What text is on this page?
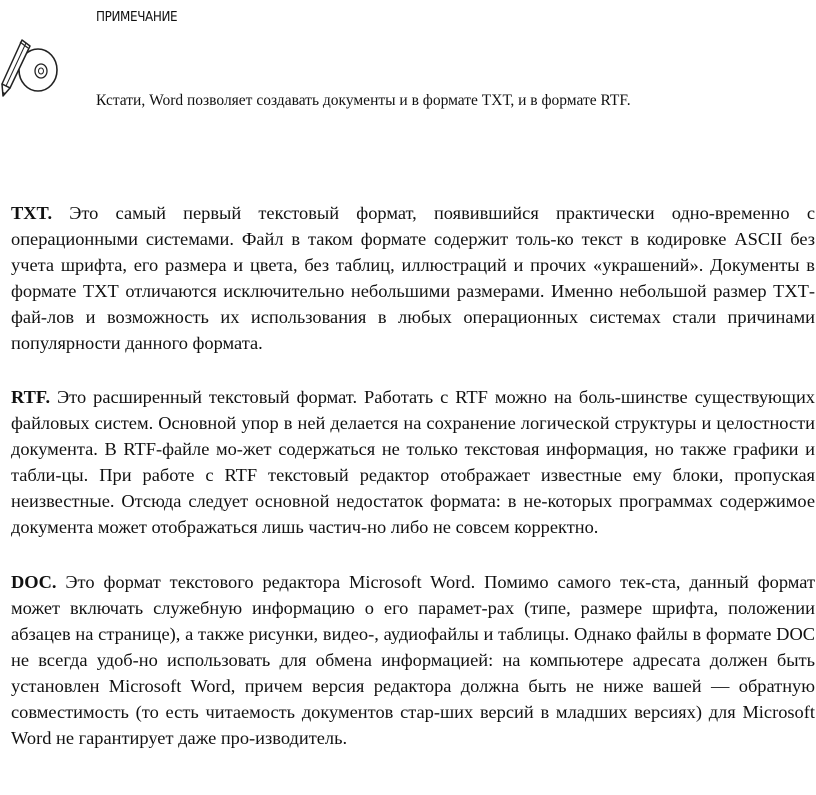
ПРИМЕЧАНИЕ
Кстати, Word позволяет создавать документы и в формате ТХТ, и в формате RTF.

TXT. Это самый первый текстовый формат, появившийся практически одно-временно с операционными системами. Файл в таком формате содержит толь-ко текст в кодировке ASCII без учета шрифта, его размера и цвета, без таблиц, иллюстраций и прочих «украшений». Документы в формате ТХТ отличаются исключительно небольшими размерами. Именно небольшой размер ТХТ-фай-лов и возможность их использования в любых операционных системах стали причинами популярности данного формата.

RTF. Это расширенный текстовый формат. Работать с RTF можно на боль-шинстве существующих файловых систем. Основной упор в ней делается на сохранение логической структуры и целостности документа. В RTF-файле мо-жет содержаться не только текстовая информация, но также графики и табли-цы. При работе с RTF текстовый редактор отображает известные ему блоки, пропуская неизвестные. Отсюда следует основной недостаток формата: в не-которых программах содержимое документа может отображаться лишь частич-но либо не совсем корректно.

DOC. Это формат текстового редактора Microsoft Word. Помимо самого тек-ста, данный формат может включать служебную информацию о его парамет-рах (типе, размере шрифта, положении абзацев на странице), а также рисунки, видео-, аудиофайлы и таблицы. Однако файлы в формате DOC не всегда удоб-но использовать для обмена информацией: на компьютере адресата должен быть установлен Microsoft Word, причем версия редактора должна быть не ниже вашей — обратную совместимость (то есть читаемость документов стар-ших версий в младших версиях) для Microsoft Word не гарантирует даже про-изводитель.
